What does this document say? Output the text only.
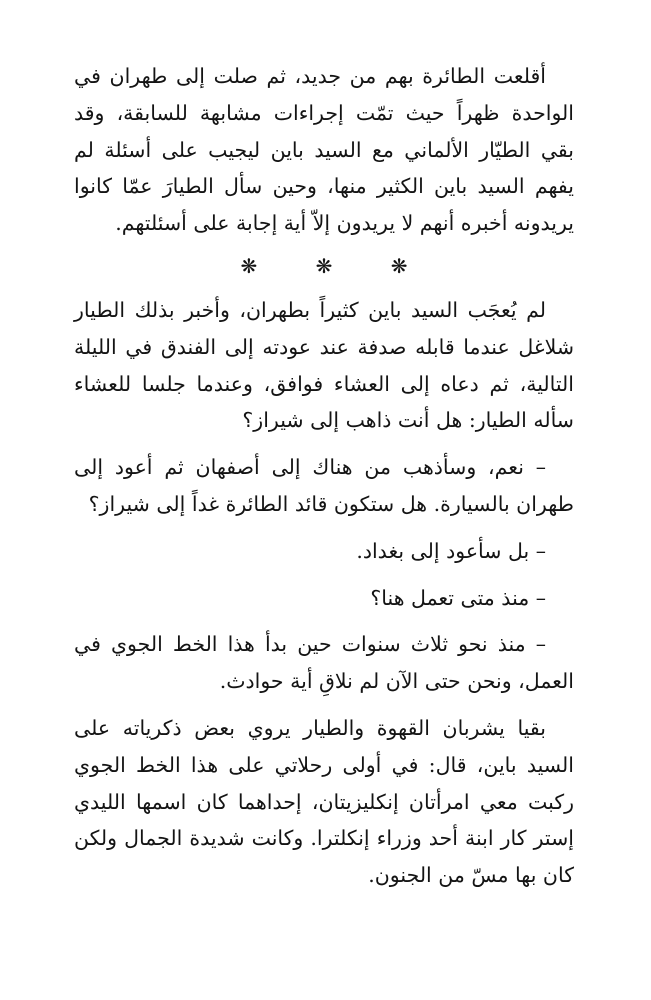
أقلعت الطائرة بهم من جديد، ثم صلت إلى طهران في الواحدة ظهراً حيث تمّت إجراءات مشابهة للسابقة، وقد بقي الطيّار الألماني مع السيد باين ليجيب على أسئلة لم يفهم السيد باين الكثير منها، وحين سأل الطيارَ عمّا كانوا يريدونه أخبره أنهم لا يريدون إلاّ أية إجابة على أسئلتهم.

❋ ❋ ❋

لم يُعجَب السيد باين كثيراً بطهران، وأخبر بذلك الطيار شلاغل عندما قابله صدفة عند عودته إلى الفندق في الليلة التالية، ثم دعاه إلى العشاء فوافق، وعندما جلسا للعشاء سأله الطيار: هل أنت ذاهب إلى شيراز؟

– نعم، وسأذهب من هناك إلى أصفهان ثم أعود إلى طهران بالسيارة. هل ستكون قائد الطائرة غداً إلى شيراز؟

– بل سأعود إلى بغداد.

– منذ متى تعمل هنا؟

– منذ نحو ثلاث سنوات حين بدأ هذا الخط الجوي في العمل، ونحن حتى الآن لم نلاقِ أية حوادث.

بقيا يشربان القهوة والطيار يروي بعض ذكرياته على السيد باين، قال: في أولى رحلاتي على هذا الخط الجوي ركبت معي امرأتان إنكليزيتان، إحداهما كان اسمها الليدي إستر كار ابنة أحد وزراء إنكلترا. وكانت شديدة الجمال ولكن كان بها مسّ من الجنون.
